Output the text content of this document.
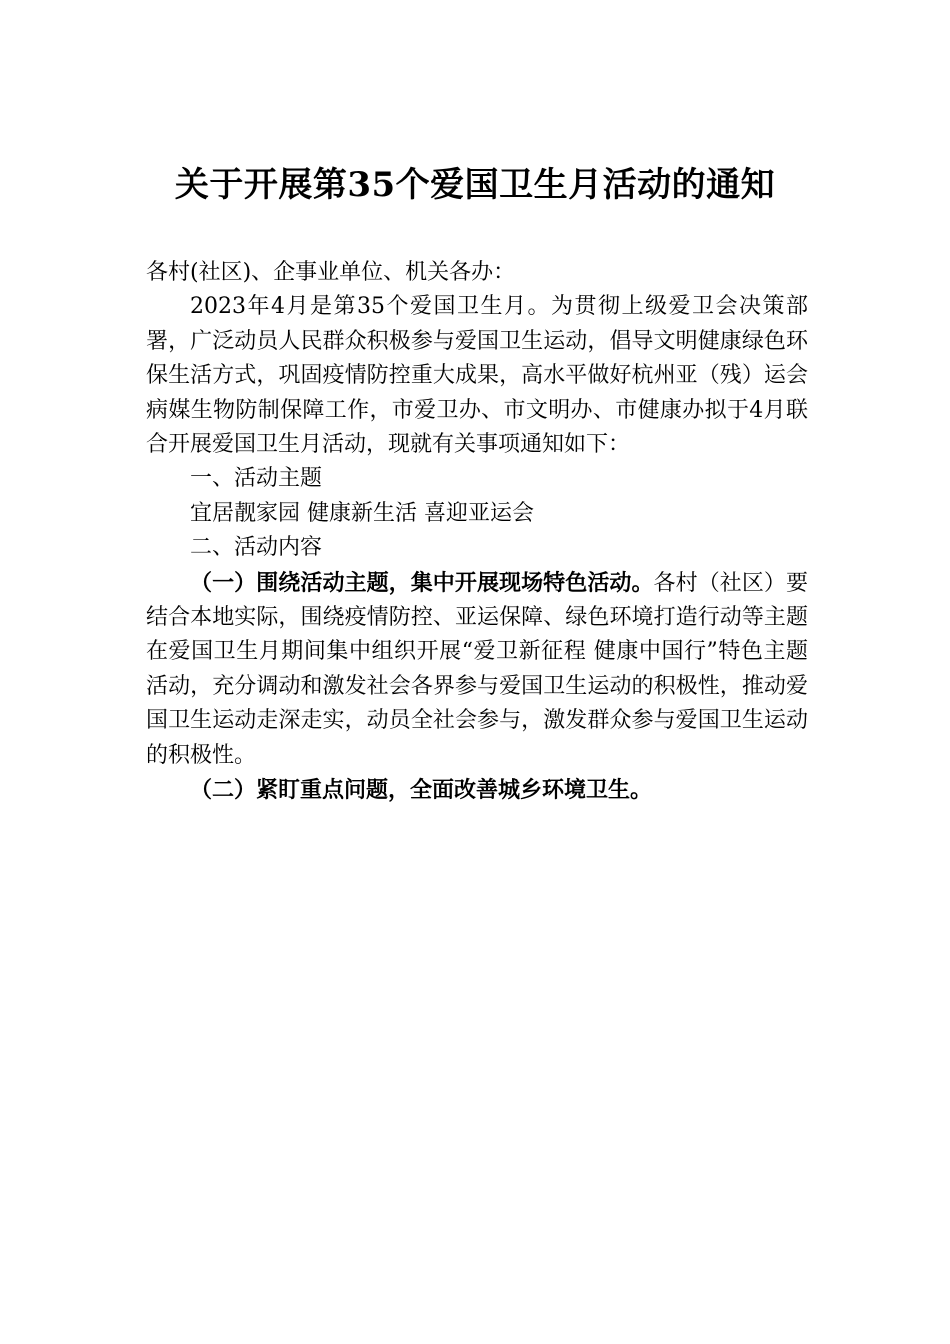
关于开展第35个爱国卫生月活动的通知

各村(社区)、企事业单位、机关各办：

2023年4月是第35个爱国卫生月。为贯彻上级爱卫会决策部署，广泛动员人民群众积极参与爱国卫生运动，倡导文明健康绿色环保生活方式，巩固疫情防控重大成果，高水平做好杭州亚（残）运会病媒生物防制保障工作，市爱卫办、市文明办、市健康办拟于4月联合开展爱国卫生月活动，现就有关事项通知如下：

一、活动主题

宜居靓家园 健康新生活 喜迎亚运会

二、活动内容

（一）围绕活动主题，集中开展现场特色活动。各村（社区）要结合本地实际，围绕疫情防控、亚运保障、绿色环境打造行动等主题在爱国卫生月期间集中组织开展“爱卫新征程 健康中国行”特色主题活动，充分调动和激发社会各界参与爱国卫生运动的积极性，推动爱国卫生运动走深走实，动员全社会参与，激发群众参与爱国卫生运动的积极性。

（二）紧盯重点问题，全面改善城乡环境卫生。
